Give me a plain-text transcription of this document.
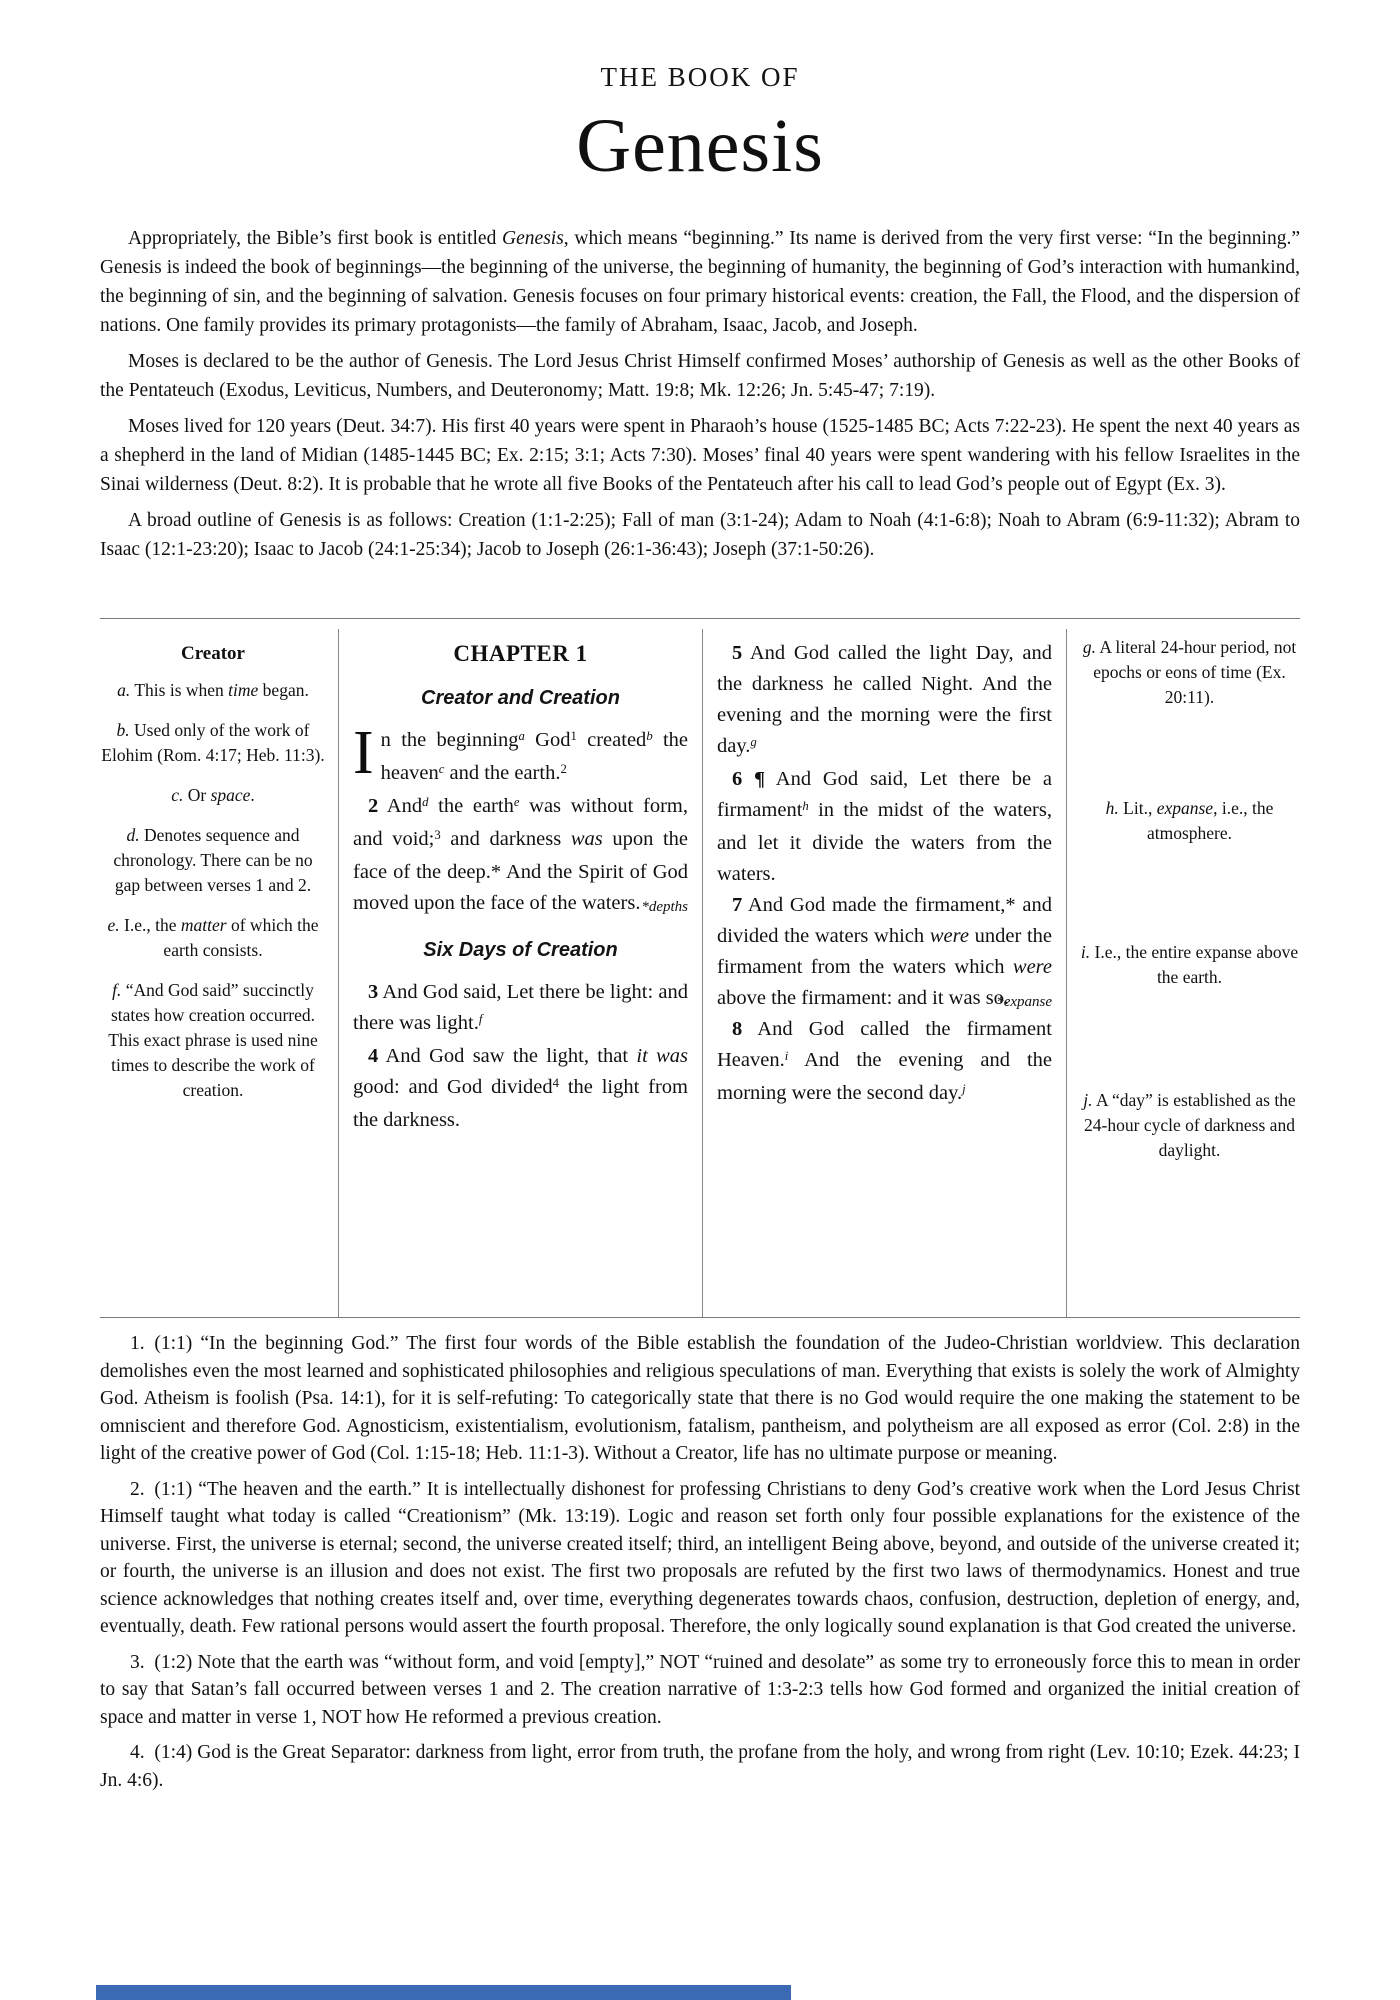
THE BOOK OF
Genesis

Appropriately, the Bible’s first book is entitled Genesis, which means “beginning.” Its name is derived from the very first verse: “In the beginning.” Genesis is indeed the book of beginnings—the beginning of the universe, the beginning of humanity, the beginning of God’s interaction with humankind, the beginning of sin, and the beginning of salvation. Genesis focuses on four primary historical events: creation, the Fall, the Flood, and the dispersion of nations. One family provides its primary protagonists—the family of Abraham, Isaac, Jacob, and Joseph.

Moses is declared to be the author of Genesis. The Lord Jesus Christ Himself confirmed Moses’ authorship of Genesis as well as the other Books of the Pentateuch (Exodus, Leviticus, Numbers, and Deuteronomy; Matt. 19:8; Mk. 12:26; Jn. 5:45-47; 7:19).

Moses lived for 120 years (Deut. 34:7). His first 40 years were spent in Pharaoh’s house (1525-1485 BC; Acts 7:22-23). He spent the next 40 years as a shepherd in the land of Midian (1485-1445 BC; Ex. 2:15; 3:1; Acts 7:30). Moses’ final 40 years were spent wandering with his fellow Israelites in the Sinai wilderness (Deut. 8:2). It is probable that he wrote all five Books of the Pentateuch after his call to lead God’s people out of Egypt (Ex. 3).

A broad outline of Genesis is as follows: Creation (1:1-2:25); Fall of man (3:1-24); Adam to Noah (4:1-6:8); Noah to Abram (6:9-11:32); Abram to Isaac (12:1-23:20); Isaac to Jacob (24:1-25:34); Jacob to Joseph (26:1-36:43); Joseph (37:1-50:26).

Creator

a. This is when time began.

b. Used only of the work of Elohim (Rom. 4:17; Heb. 11:3).

c. Or space.

d. Denotes sequence and chronology. There can be no gap between verses 1 and 2.

e. I.e., the matter of which the earth consists.

f. “And God said” succinctly states how creation occurred. This exact phrase is used nine times to describe the work of creation.

CHAPTER 1
Creator and Creation

In the beginning$^a$ God$^1$ created$^b$ the heaven$^c$ and the earth.$^2$

2 And$^d$ the earth$^e$ was without form, and void;$^3$ and darkness was upon the face of the deep.* And the Spirit of God moved upon the face of the waters. *depths

Six Days of Creation

3 And God said, Let there be light: and there was light.$^f$

4 And God saw the light, that it was good: and God divided$^4$ the light from the darkness.

5 And God called the light Day, and the darkness he called Night. And the evening and the morning were the first day.$^g$

6 ¶ And God said, Let there be a firmament$^h$ in the midst of the waters, and let it divide the waters from the waters.

7 And God made the firmament,* and divided the waters which were under the firmament from the waters which were above the firmament: and it was so.
*expanse

8 And God called the firmament Heaven.$^i$ And the evening and the morning were the second day.$^j$

g. A literal 24-hour period, not epochs or eons of time (Ex. 20:11).

h. Lit., expanse, i.e., the atmosphere.

i. I.e., the entire expanse above the earth.

j. A “day” is established as the 24-hour cycle of darkness and daylight.

1. (1:1) “In the beginning God.” The first four words of the Bible establish the foundation of the Judeo-Christian worldview. This declaration demolishes even the most learned and sophisticated philosophies and religious speculations of man. Everything that exists is solely the work of Almighty God. Atheism is foolish (Psa. 14:1), for it is self-refuting: To categorically state that there is no God would require the one making the statement to be omniscient and therefore God. Agnosticism, existentialism, evolutionism, fatalism, pantheism, and polytheism are all exposed as error (Col. 2:8) in the light of the creative power of God (Col. 1:15-18; Heb. 11:1-3). Without a Creator, life has no ultimate purpose or meaning.

2. (1:1) “The heaven and the earth.” It is intellectually dishonest for professing Christians to deny God’s creative work when the Lord Jesus Christ Himself taught what today is called “Creationism” (Mk. 13:19). Logic and reason set forth only four possible explanations for the existence of the universe. First, the universe is eternal; second, the universe created itself; third, an intelligent Being above, beyond, and outside of the universe created it; or fourth, the universe is an illusion and does not exist. The first two proposals are refuted by the first two laws of thermodynamics. Honest and true science acknowledges that nothing creates itself and, over time, everything degenerates towards chaos, confusion, destruction, depletion of energy, and, eventually, death. Few rational persons would assert the fourth proposal. Therefore, the only logically sound explanation is that God created the universe.

3. (1:2) Note that the earth was “without form, and void [empty],” NOT “ruined and desolate” as some try to erroneously force this to mean in order to say that Satan’s fall occurred between verses 1 and 2. The creation narrative of 1:3-2:3 tells how God formed and organized the initial creation of space and matter in verse 1, NOT how He reformed a previous creation.

4. (1:4) God is the Great Separator: darkness from light, error from truth, the profane from the holy, and wrong from right (Lev. 10:10; Ezek. 44:23; I Jn. 4:6).
